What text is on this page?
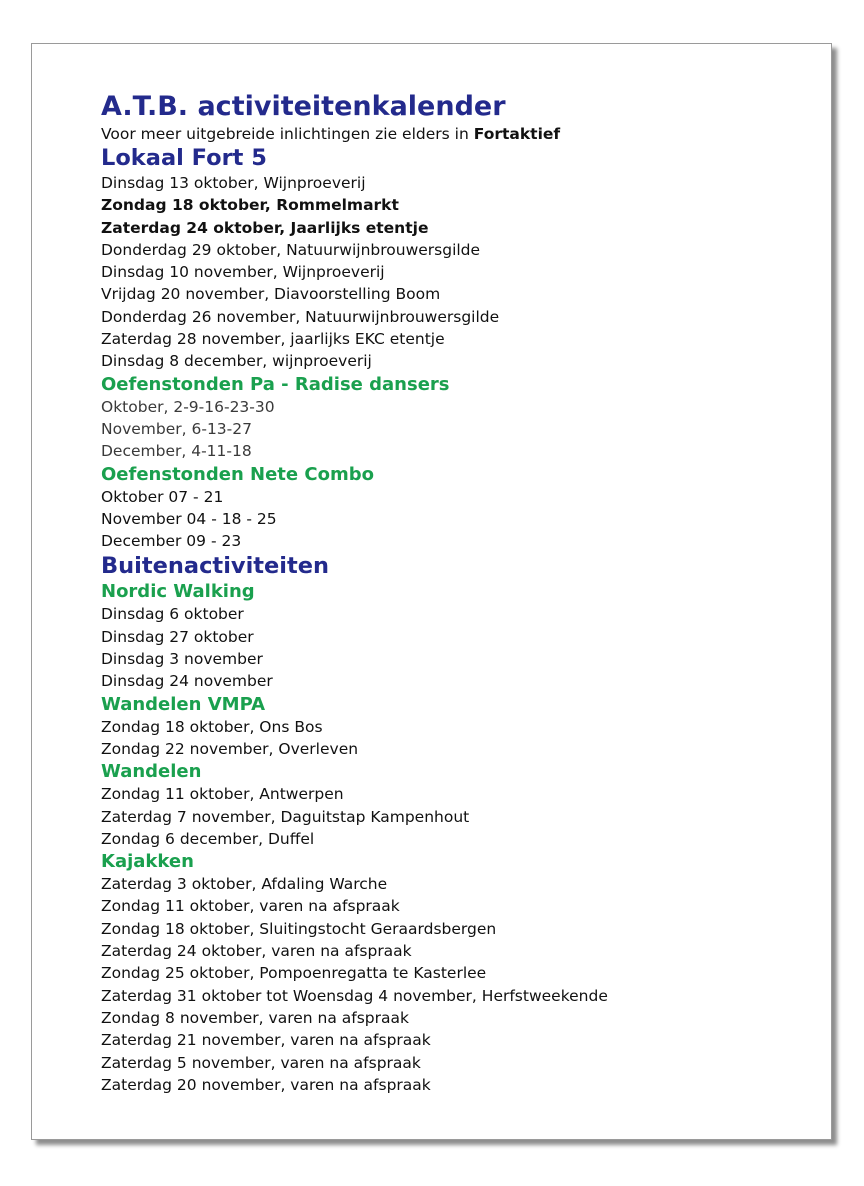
A.T.B. activiteitenkalender
Voor meer uitgebreide inlichtingen zie elders in Fortaktief
Lokaal Fort 5
Dinsdag 13 oktober, Wijnproeverij
Zondag 18 oktober, Rommelmarkt
Zaterdag 24 oktober, Jaarlijks etentje
Donderdag 29 oktober, Natuurwijnbrouwersgilde
Dinsdag 10 november, Wijnproeverij
Vrijdag 20 november, Diavoorstelling Boom
Donderdag 26 november, Natuurwijnbrouwersgilde
Zaterdag 28 november, jaarlijks EKC etentje
Dinsdag 8 december, wijnproeverij
Oefenstonden Pa - Radise dansers
Oktober, 2-9-16-23-30
November, 6-13-27
December, 4-11-18
Oefenstonden Nete Combo
Oktober 07 - 21
November 04 - 18 - 25
December 09 - 23
Buitenactiviteiten
Nordic Walking
Dinsdag 6 oktober
Dinsdag 27 oktober
Dinsdag 3 november
Dinsdag 24 november
Wandelen VMPA
Zondag 18 oktober, Ons Bos
Zondag 22 november, Overleven
Wandelen
Zondag 11 oktober, Antwerpen
Zaterdag 7 november, Daguitstap Kampenhout
Zondag 6 december, Duffel
Kajakken
Zaterdag 3 oktober, Afdaling Warche
Zondag 11 oktober, varen na afspraak
Zondag 18 oktober, Sluitingstocht Geraardsbergen
Zaterdag 24 oktober, varen na afspraak
Zondag 25 oktober, Pompoenregatta te Kasterlee
Zaterdag 31 oktober tot Woensdag 4 november, Herfstweekende
Zondag 8 november, varen na afspraak
Zaterdag 21 november, varen na afspraak
Zaterdag 5 november, varen na afspraak
Zaterdag 20 november, varen na afspraak
